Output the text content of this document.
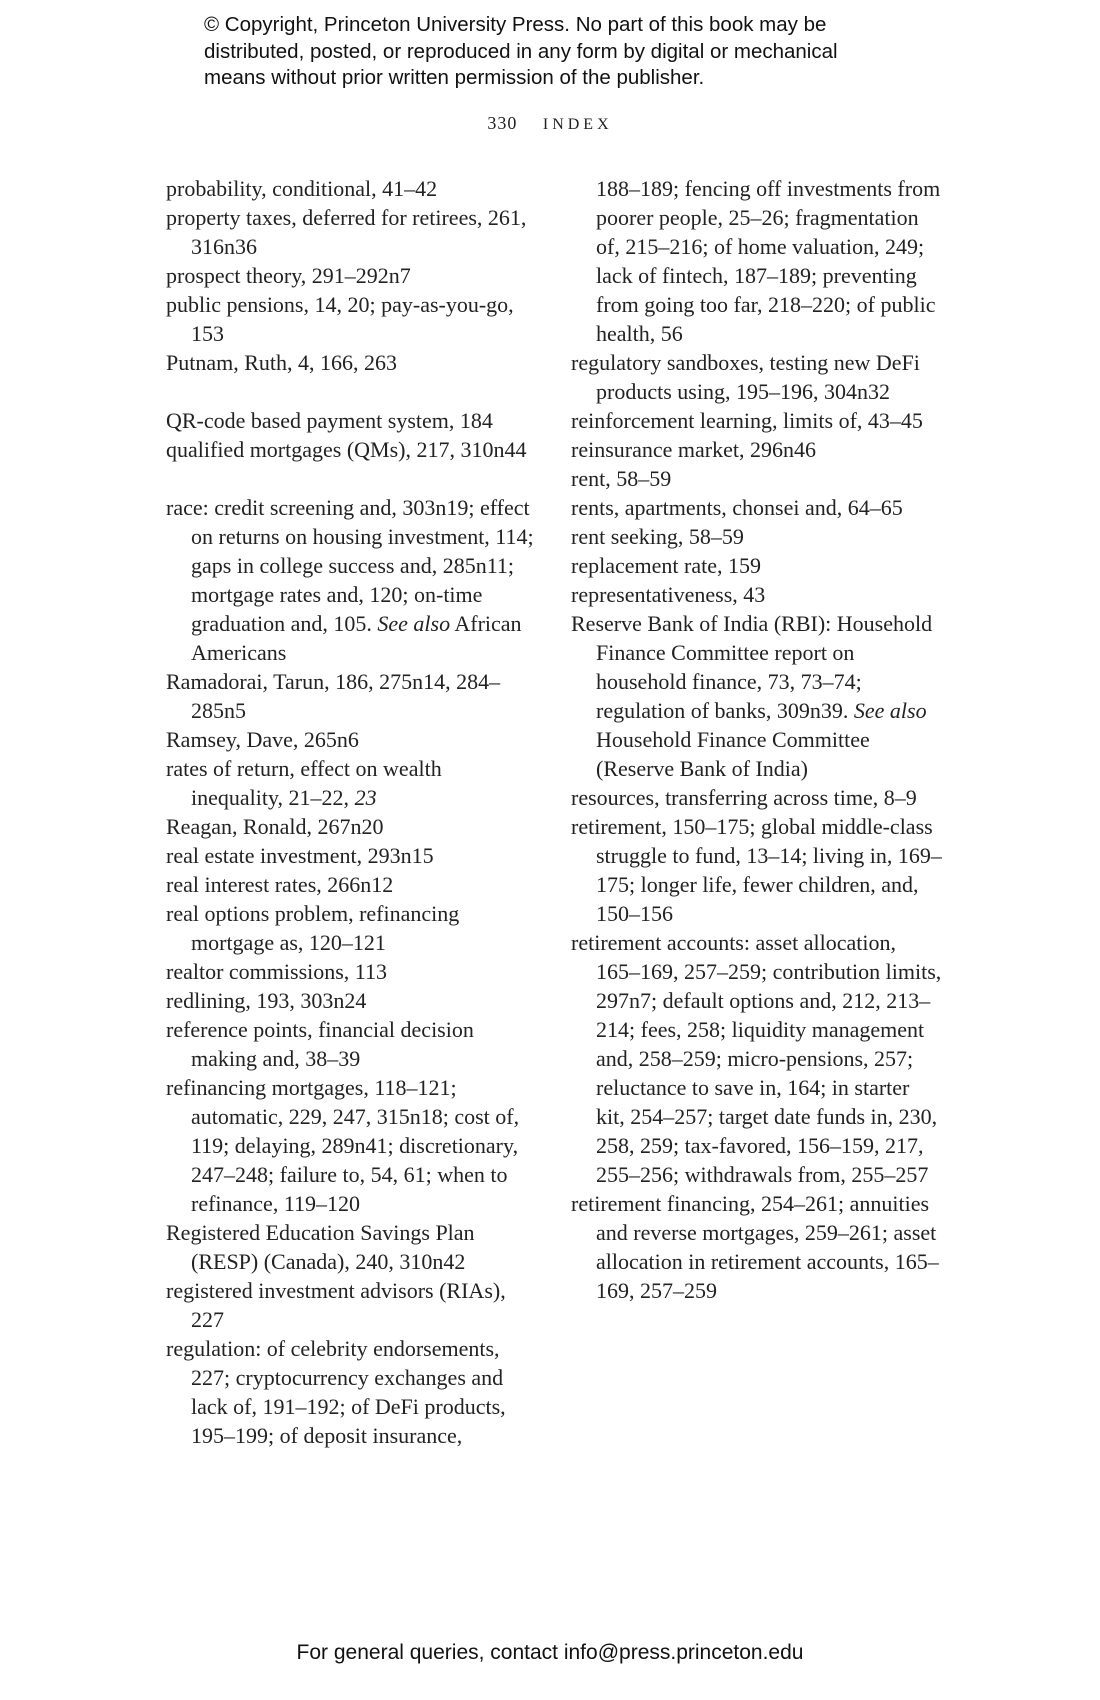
© Copyright, Princeton University Press. No part of this book may be
distributed, posted, or reproduced in any form by digital or mechanical
means without prior written permission of the publisher.
330 INDEX
probability, conditional, 41–42
property taxes, deferred for retirees, 261, 316n36
prospect theory, 291–292n7
public pensions, 14, 20; pay-as-you-go, 153
Putnam, Ruth, 4, 166, 263
QR-code based payment system, 184
qualified mortgages (QMs), 217, 310n44
race: credit screening and, 303n19; effect on returns on housing investment, 114; gaps in college success and, 285n11; mortgage rates and, 120; on-time graduation and, 105. See also African Americans
Ramadorai, Tarun, 186, 275n14, 284–285n5
Ramsey, Dave, 265n6
rates of return, effect on wealth inequality, 21–22, 23
Reagan, Ronald, 267n20
real estate investment, 293n15
real interest rates, 266n12
real options problem, refinancing mortgage as, 120–121
realtor commissions, 113
redlining, 193, 303n24
reference points, financial decision making and, 38–39
refinancing mortgages, 118–121; automatic, 229, 247, 315n18; cost of, 119; delaying, 289n41; discretionary, 247–248; failure to, 54, 61; when to refinance, 119–120
Registered Education Savings Plan (RESP) (Canada), 240, 310n42
registered investment advisors (RIAs), 227
regulation: of celebrity endorsements, 227; cryptocurrency exchanges and lack of, 191–192; of DeFi products, 195–199; of deposit insurance,
188–189; fencing off investments from poorer people, 25–26; fragmentation of, 215–216; of home valuation, 249; lack of fintech, 187–189; preventing from going too far, 218–220; of public health, 56
regulatory sandboxes, testing new DeFi products using, 195–196, 304n32
reinforcement learning, limits of, 43–45
reinsurance market, 296n46
rent, 58–59
rents, apartments, chonsei and, 64–65
rent seeking, 58–59
replacement rate, 159
representativeness, 43
Reserve Bank of India (RBI): Household Finance Committee report on household finance, 73, 73–74; regulation of banks, 309n39. See also Household Finance Committee (Reserve Bank of India)
resources, transferring across time, 8–9
retirement, 150–175; global middle-class struggle to fund, 13–14; living in, 169–175; longer life, fewer children, and, 150–156
retirement accounts: asset allocation, 165–169, 257–259; contribution limits, 297n7; default options and, 212, 213–214; fees, 258; liquidity management and, 258–259; micro-pensions, 257; reluctance to save in, 164; in starter kit, 254–257; target date funds in, 230, 258, 259; tax-favored, 156–159, 217, 255–256; withdrawals from, 255–257
retirement financing, 254–261; annuities and reverse mortgages, 259–261; asset allocation in retirement accounts, 165–169, 257–259
For general queries, contact info@press.princeton.edu
